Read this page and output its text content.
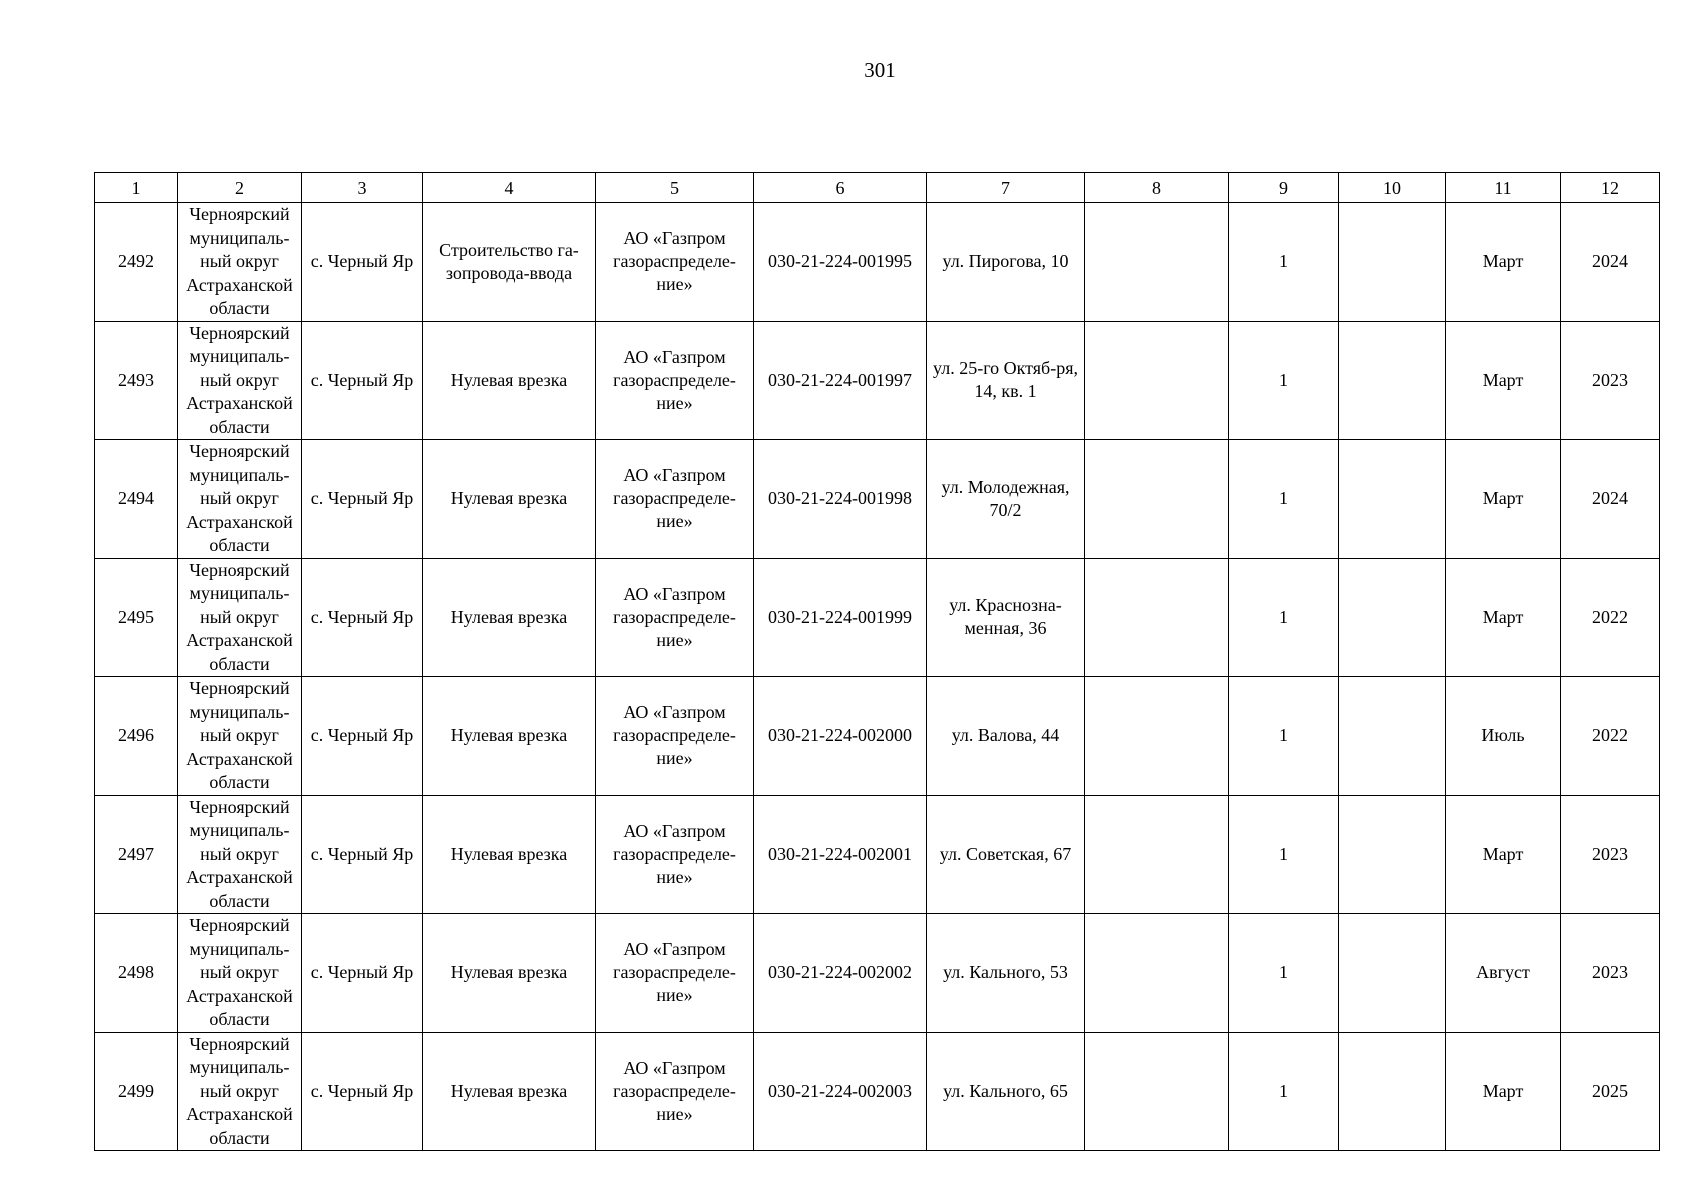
301
1	2	3	4	5	6	7	8	9	10	11	12
2492	Черноярский муниципаль-ный округ Астраханской области	с. Черный Яр	Строительство га-зопровода-ввода	АО «Газпром газораспределе-ние»	030-21-224-001995	ул. Пирогова, 10		1		Март	2024
2493	Черноярский муниципаль-ный округ Астраханской области	с. Черный Яр	Нулевая врезка	АО «Газпром газораспределе-ние»	030-21-224-001997	ул. 25-го Октяб-ря, 14, кв. 1		1		Март	2023
2494	Черноярский муниципаль-ный округ Астраханской области	с. Черный Яр	Нулевая врезка	АО «Газпром газораспределе-ние»	030-21-224-001998	ул. Молодежная, 70/2		1		Март	2024
2495	Черноярский муниципаль-ный округ Астраханской области	с. Черный Яр	Нулевая врезка	АО «Газпром газораспределе-ние»	030-21-224-001999	ул. Краснозна-менная, 36		1		Март	2022
2496	Черноярский муниципаль-ный округ Астраханской области	с. Черный Яр	Нулевая врезка	АО «Газпром газораспределе-ние»	030-21-224-002000	ул. Валова, 44		1		Июль	2022
2497	Черноярский муниципаль-ный округ Астраханской области	с. Черный Яр	Нулевая врезка	АО «Газпром газораспределе-ние»	030-21-224-002001	ул. Советская, 67		1		Март	2023
2498	Черноярский муниципаль-ный округ Астраханской области	с. Черный Яр	Нулевая врезка	АО «Газпром газораспределе-ние»	030-21-224-002002	ул. Кального, 53		1		Август	2023
2499	Черноярский муниципаль-ный округ Астраханской области	с. Черный Яр	Нулевая врезка	АО «Газпром газораспределе-ние»	030-21-224-002003	ул. Кального, 65		1		Март	2025
